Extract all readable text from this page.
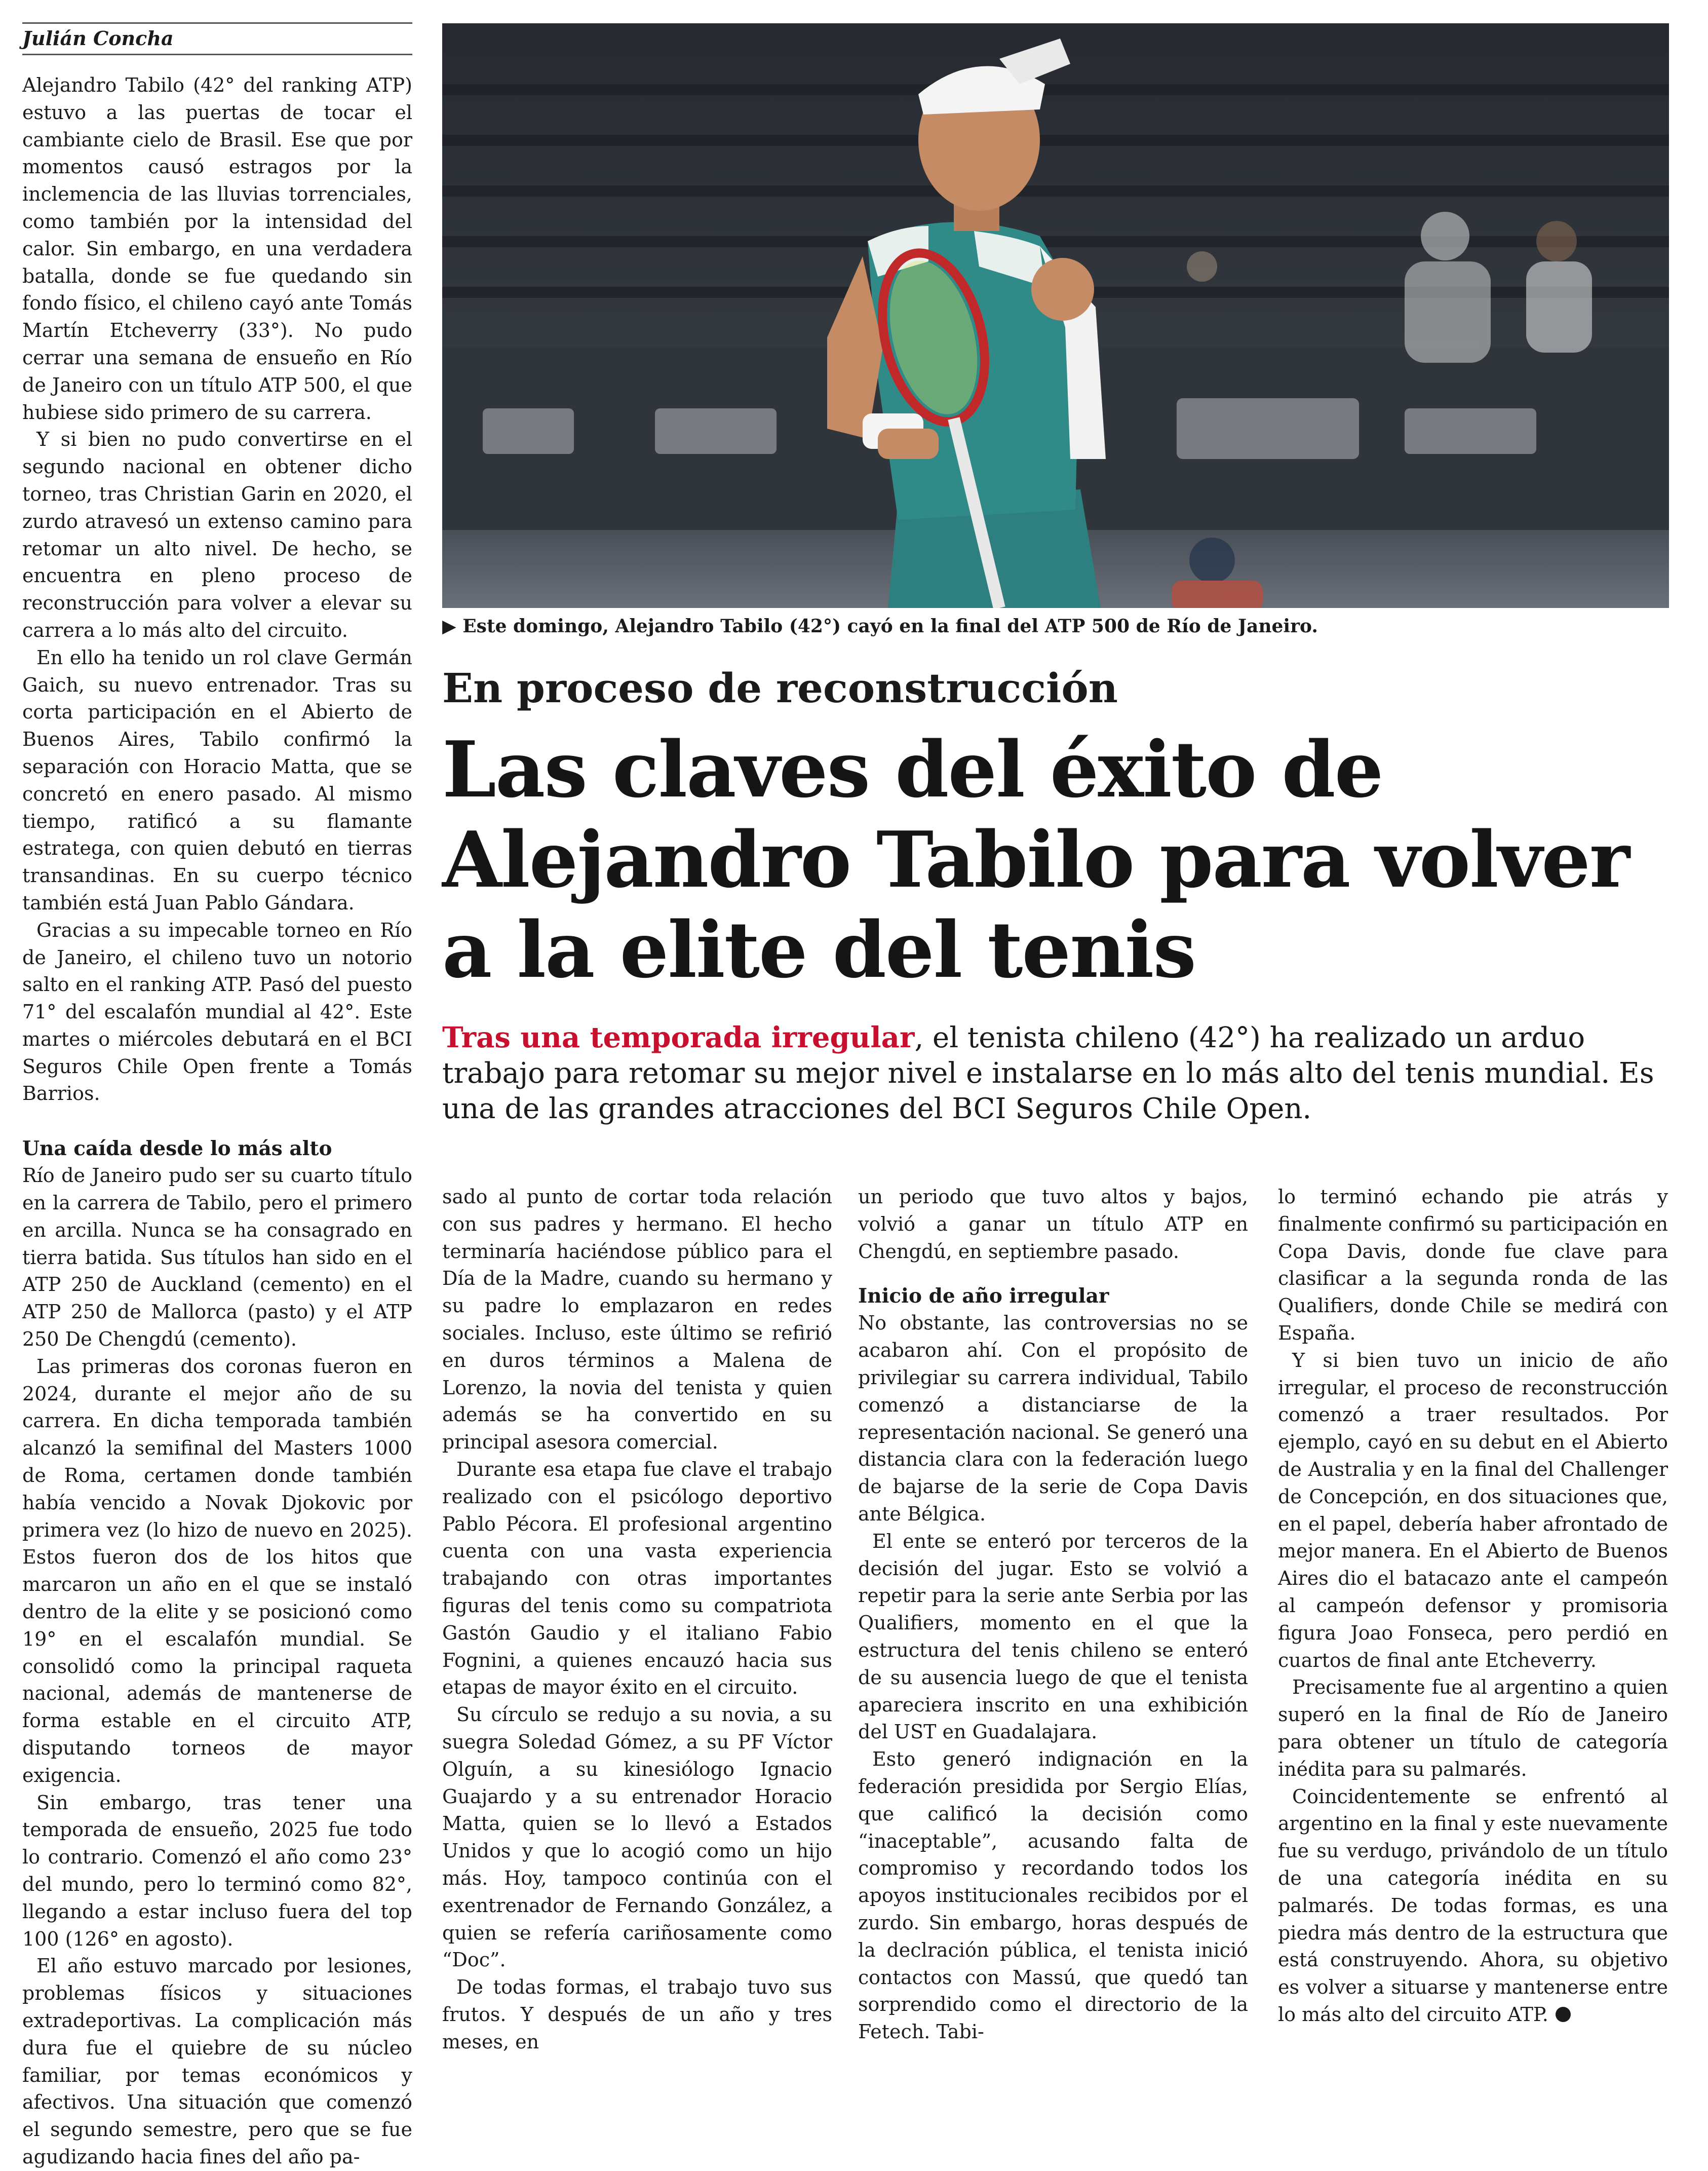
Julián Concha

Alejandro Tabilo (42° del ranking ATP) estuvo a las puertas de tocar el cambiante cielo de Brasil. Ese que por momentos causó estragos por la inclemencia de las lluvias torrenciales, como también por la intensidad del calor. Sin embargo, en una verdadera batalla, donde se fue quedando sin fondo físico, el chileno cayó ante Tomás Martín Etcheverry (33°). No pudo cerrar una semana de ensueño en Río de Janeiro con un título ATP 500, el que hubiese sido primero de su carrera.

Y si bien no pudo convertirse en el segundo nacional en obtener dicho torneo, tras Christian Garin en 2020, el zurdo atravesó un extenso camino para retomar un alto nivel. De hecho, se encuentra en pleno proceso de reconstrucción para volver a elevar su carrera a lo más alto del circuito.

En ello ha tenido un rol clave Germán Gaich, su nuevo entrenador. Tras su corta participación en el Abierto de Buenos Aires, Tabilo confirmó la separación con Horacio Matta, que se concretó en enero pasado. Al mismo tiempo, ratificó a su flamante estratega, con quien debutó en tierras transandinas. En su cuerpo técnico también está Juan Pablo Gándara.

Gracias a su impecable torneo en Río de Janeiro, el chileno tuvo un notorio salto en el ranking ATP. Pasó del puesto 71° del escalafón mundial al 42°. Este martes o miércoles debutará en el BCI Seguros Chile Open frente a Tomás Barrios.

Una caída desde lo más alto

Río de Janeiro pudo ser su cuarto título en la carrera de Tabilo, pero el primero en arcilla. Nunca se ha consagrado en tierra batida. Sus títulos han sido en el ATP 250 de Auckland (cemento) en el ATP 250 de Mallorca (pasto) y el ATP 250 De Chengdú (cemento).

Las primeras dos coronas fueron en 2024, durante el mejor año de su carrera. En dicha temporada también alcanzó la semifinal del Masters 1000 de Roma, certamen donde también había vencido a Novak Djokovic por primera vez (lo hizo de nuevo en 2025). Estos fueron dos de los hitos que marcaron un año en el que se instaló dentro de la elite y se posicionó como 19° en el escalafón mundial. Se consolidó como la principal raqueta nacional, además de mantenerse de forma estable en el circuito ATP, disputando torneos de mayor exigencia.

Sin embargo, tras tener una temporada de ensueño, 2025 fue todo lo contrario. Comenzó el año como 23° del mundo, pero lo terminó como 82°, llegando a estar incluso fuera del top 100 (126° en agosto).

El año estuvo marcado por lesiones, problemas físicos y situaciones extradeportivas. La complicación más dura fue el quiebre de su núcleo familiar, por temas económicos y afectivos. Una situación que comenzó el segundo semestre, pero que se fue agudizando hacia fines del año pa-

▶ Este domingo, Alejandro Tabilo (42°) cayó en la final del ATP 500 de Río de Janeiro.
En proceso de reconstrucción
Las claves del éxito de Alejandro Tabilo para volver a la elite del tenis
Tras una temporada irregular, el tenista chileno (42°) ha realizado un arduo trabajo para retomar su mejor nivel e instalarse en lo más alto del tenis mundial. Es una de las grandes atracciones del BCI Seguros Chile Open.

sado al punto de cortar toda relación con sus padres y hermano. El hecho terminaría haciéndose público para el Día de la Madre, cuando su hermano y su padre lo emplazaron en redes sociales. Incluso, este último se refirió en duros términos a Malena de Lorenzo, la novia del tenista y quien además se ha convertido en su principal asesora comercial.

Durante esa etapa fue clave el trabajo realizado con el psicólogo deportivo Pablo Pécora. El profesional argentino cuenta con una vasta experiencia trabajando con otras importantes figuras del tenis como su compatriota Gastón Gaudio y el italiano Fabio Fognini, a quienes encauzó hacia sus etapas de mayor éxito en el circuito.

Su círculo se redujo a su novia, a su suegra Soledad Gómez, a su PF Víctor Olguín, a su kinesiólogo Ignacio Guajardo y a su entrenador Horacio Matta, quien se lo llevó a Estados Unidos y que lo acogió como un hijo más. Hoy, tampoco continúa con el exentrenador de Fernando González, a quien se refería cariñosamente como “Doc”.

De todas formas, el trabajo tuvo sus frutos. Y después de un año y tres meses, en

un periodo que tuvo altos y bajos, volvió a ganar un título ATP en Chengdú, en septiembre pasado.

Inicio de año irregular

No obstante, las controversias no se acabaron ahí. Con el propósito de privilegiar su carrera individual, Tabilo comenzó a distanciarse de la representación nacional. Se generó una distancia clara con la federación luego de bajarse de la serie de Copa Davis ante Bélgica.

El ente se enteró por terceros de la decisión del jugar. Esto se volvió a repetir para la serie ante Serbia por las Qualifiers, momento en el que la estructura del tenis chileno se enteró de su ausencia luego de que el tenista apareciera inscrito en una exhibición del UST en Guadalajara.

Esto generó indignación en la federación presidida por Sergio Elías, que calificó la decisión como “inaceptable”, acusando falta de compromiso y recordando todos los apoyos institucionales recibidos por el zurdo. Sin embargo, horas después de la declración pública, el tenista inició contactos con Massú, que quedó tan sorprendido como el directorio de la Fetech. Tabi-

lo terminó echando pie atrás y finalmente confirmó su participación en Copa Davis, donde fue clave para clasificar a la segunda ronda de las Qualifiers, donde Chile se medirá con España.

Y si bien tuvo un inicio de año irregular, el proceso de reconstrucción comenzó a traer resultados. Por ejemplo, cayó en su debut en el Abierto de Australia y en la final del Challenger de Concepción, en dos situaciones que, en el papel, debería haber afrontado de mejor manera. En el Abierto de Buenos Aires dio el batacazo ante el campeón al campeón defensor y promisoria figura Joao Fonseca, pero perdió en cuartos de final ante Etcheverry.

Precisamente fue al argentino a quien superó en la final de Río de Janeiro para obtener un título de categoría inédita para su palmarés.

Coincidentemente se enfrentó al argentino en la final y este nuevamente fue su verdugo, privándolo de un título de una categoría inédita en su palmarés. De todas formas, es una piedra más dentro de la estructura que está construyendo. Ahora, su objetivo es volver a situarse y mantenerse entre lo más alto del circuito ATP.
